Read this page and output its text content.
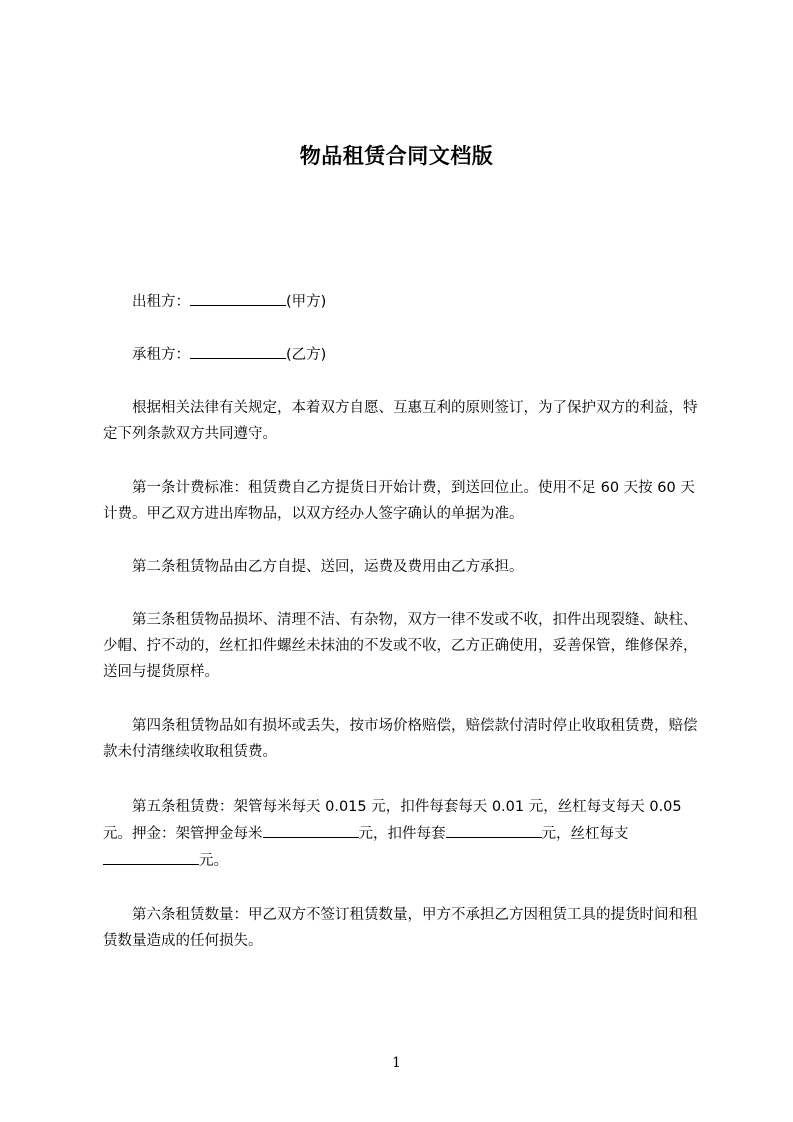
物品租赁合同文档版

出租方：	(甲方)

承租方：	(乙方)

根据相关法律有关规定，本着双方自愿、互惠互利的原则签订，为了保护双方的利益，特定下列条款双方共同遵守。

第一条计费标准：租赁费自乙方提货日开始计费，到送回位止。使用不足 60 天按 60 天计费。甲乙双方进出库物品，以双方经办人签字确认的单据为准。

第二条租赁物品由乙方自提、送回，运费及费用由乙方承担。

第三条租赁物品损坏、清理不洁、有杂物，双方一律不发或不收，扣件出现裂缝、缺柱、少帽、拧不动的，丝杠扣件螺丝未抹油的不发或不收，乙方正确使用，妥善保管，维修保养，送回与提货原样。

第四条租赁物品如有损坏或丢失，按市场价格赔偿，赔偿款付清时停止收取租赁费，赔偿款未付清继续收取租赁费。

第五条租赁费：架管每米每天 0.015 元，扣件每套每天 0.01 元，丝杠每支每天 0.05 元。押金：架管押金每米	元，扣件每套	元，丝杠每支元。

第六条租赁数量：甲乙双方不签订租赁数量，甲方不承担乙方因租赁工具的提货时间和租赁数量造成的任何损失。

1
